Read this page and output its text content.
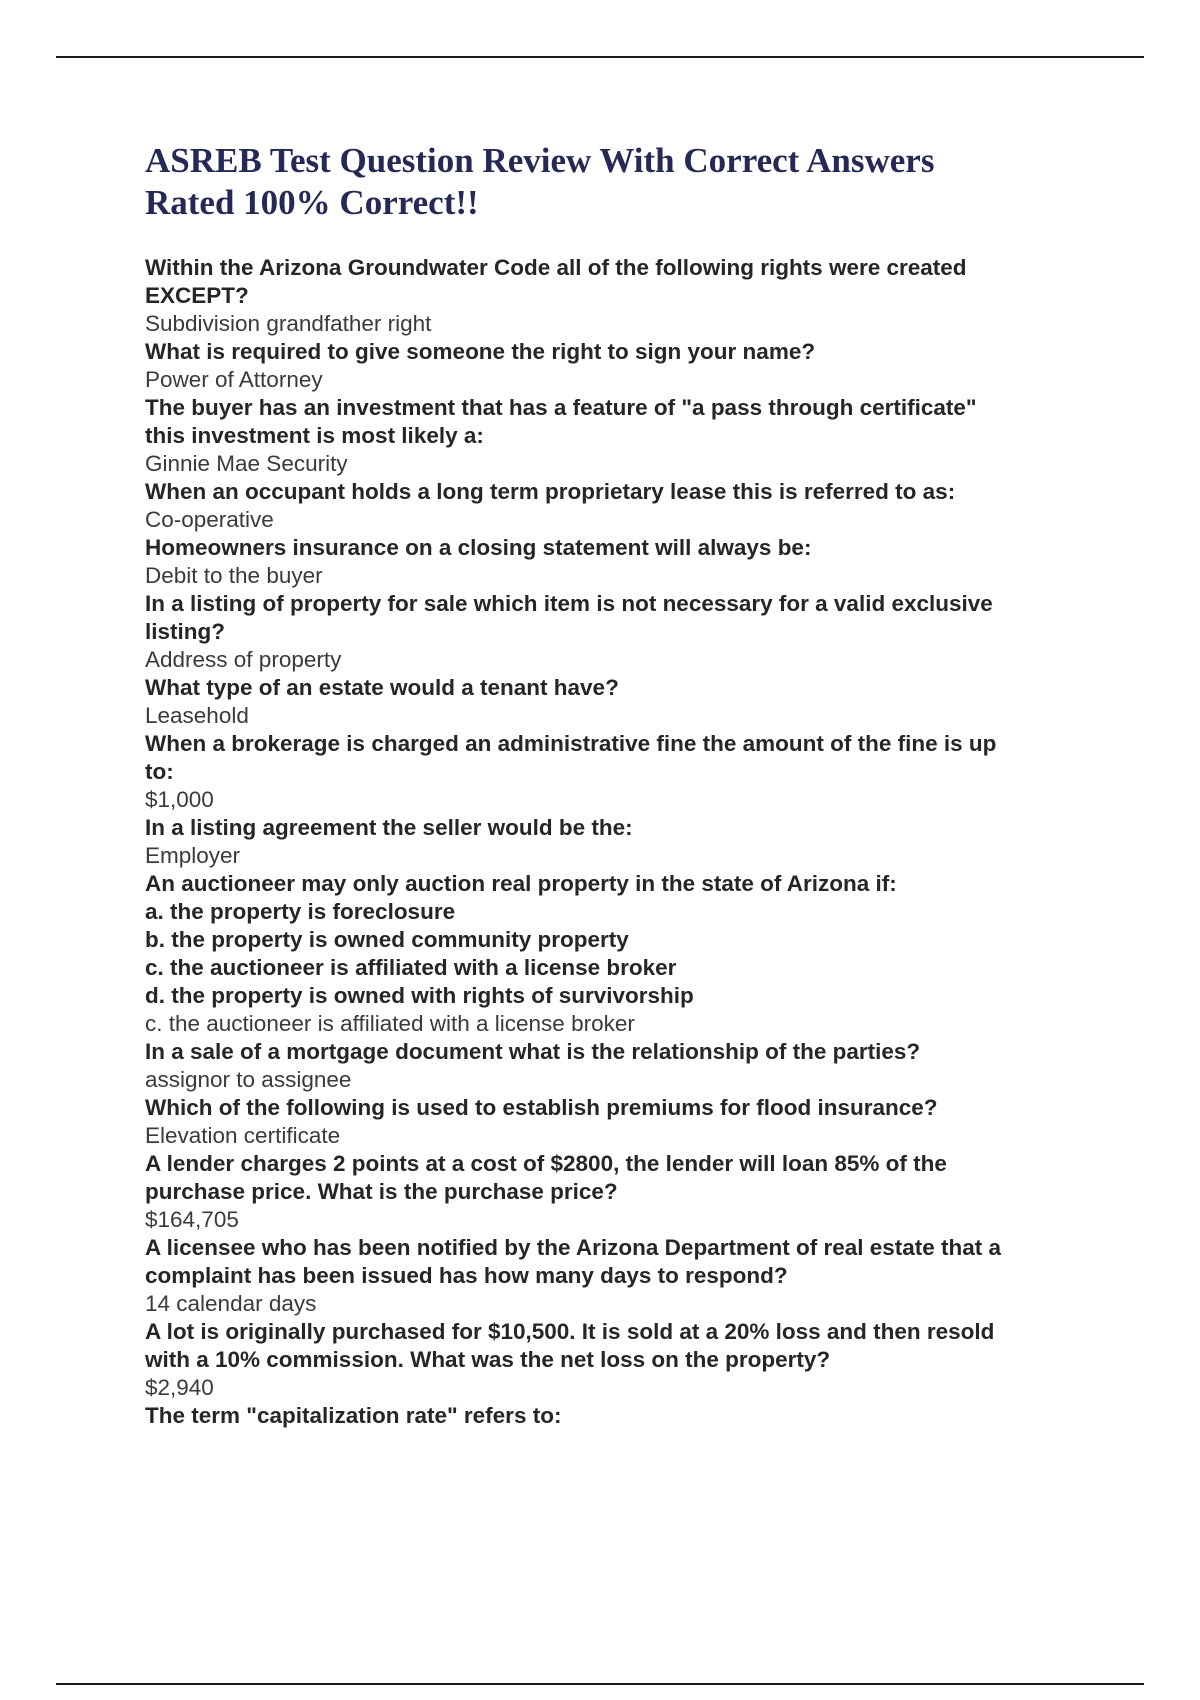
ASREB Test Question Review With Correct Answers
Rated 100% Correct!!

Within the Arizona Groundwater Code all of the following rights were created
EXCEPT?

Subdivision grandfather right

What is required to give someone the right to sign your name?

Power of Attorney

The buyer has an investment that has a feature of "a pass through certificate"
this investment is most likely a:

Ginnie Mae Security

When an occupant holds a long term proprietary lease this is referred to as:

Co-operative

Homeowners insurance on a closing statement will always be:

Debit to the buyer

In a listing of property for sale which item is not necessary for a valid exclusive
listing?

Address of property

What type of an estate would a tenant have?

Leasehold

When a brokerage is charged an administrative fine the amount of the fine is up
to:

$1,000

In a listing agreement the seller would be the:

Employer

An auctioneer may only auction real property in the state of Arizona if:
a. the property is foreclosure
b. the property is owned community property
c. the auctioneer is affiliated with a license broker
d. the property is owned with rights of survivorship

c. the auctioneer is affiliated with a license broker

In a sale of a mortgage document what is the relationship of the parties?

assignor to assignee

Which of the following is used to establish premiums for flood insurance?

Elevation certificate

A lender charges 2 points at a cost of $2800, the lender will loan 85% of the
purchase price. What is the purchase price?

$164,705

A licensee who has been notified by the Arizona Department of real estate that a
complaint has been issued has how many days to respond?

14 calendar days

A lot is originally purchased for $10,500. It is sold at a 20% loss and then resold
with a 10% commission. What was the net loss on the property?

$2,940

The term "capitalization rate" refers to:
